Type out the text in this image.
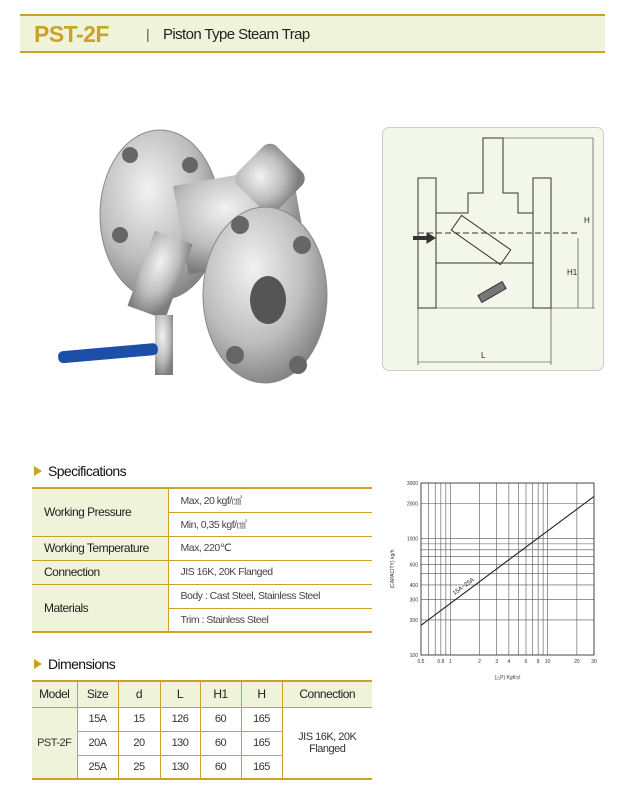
PST-2F	| Piston Type Steam Trap
H
H1
L
Specifications
Working Pressure	Max, 20 kgf/㎠
	Min, 0,35 kgf/㎠
Working Temperature	Max, 220℃
Connection	JIS 16K, 20K Flanged
Materials	Body : Cast Steel, Stainless Steel
	Trim : Stainless Steel
Dimensions
Model	Size	d	L	H1	H	Connection
PST-2F	15A	15	126	60	165	JIS 16K, 20K
Flanged
	20A	20	130	60	165	
	25A	25	130	60	165	
0.5	0.8 1	2	3 4	6 8 10	20 30
100
200
300
400
600
1000
2000
3000
(△P) Kgf/㎠
(CAPACITY) kg/h	15A~25A
